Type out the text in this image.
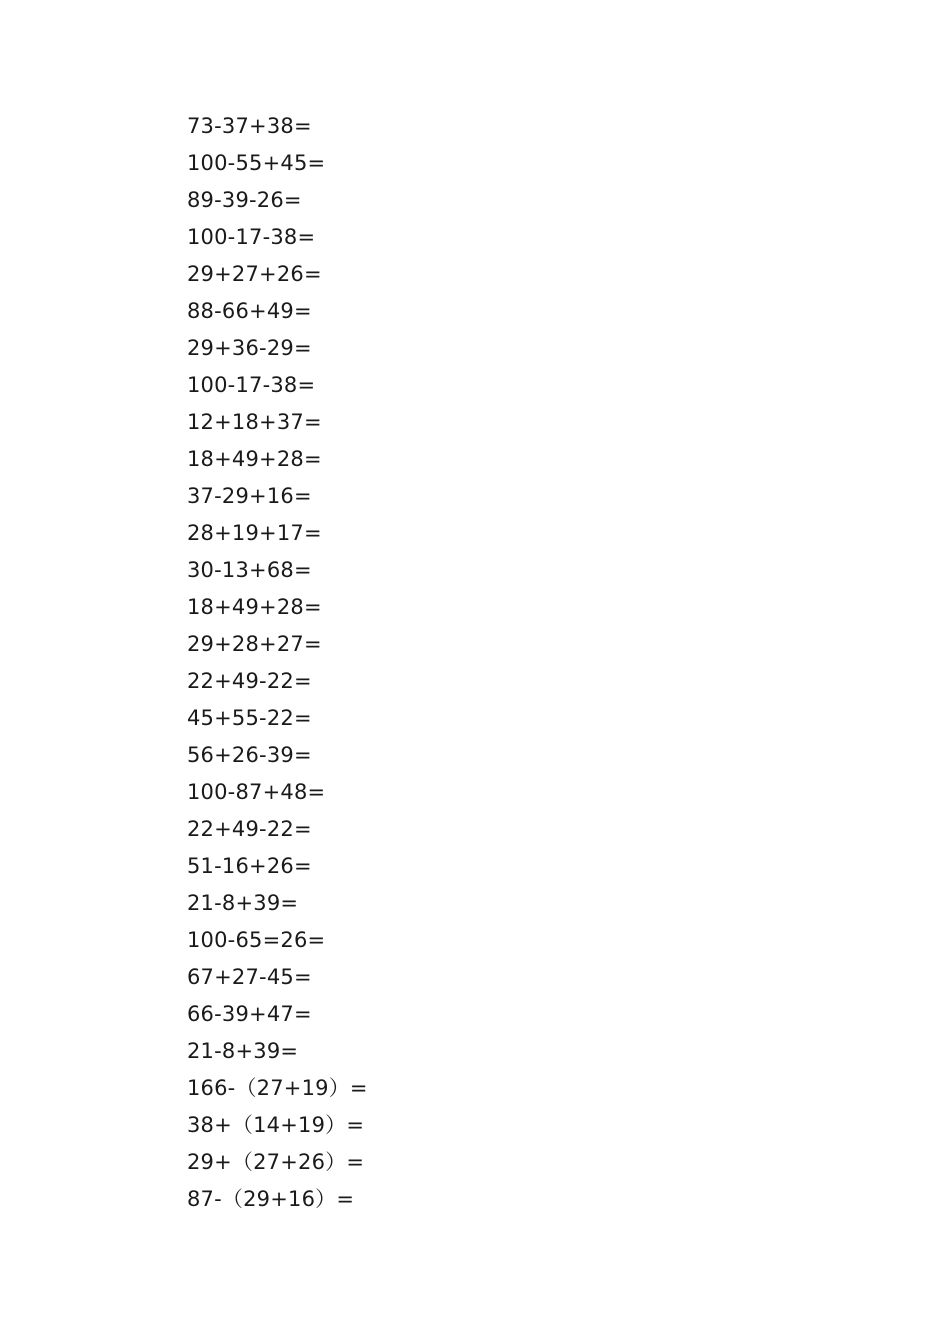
73-37+38=
100-55+45=
89-39-26=
100-17-38=
29+27+26=
88-66+49=
29+36-29=
100-17-38=
12+18+37=
18+49+28=
37-29+16=
28+19+17=
30-13+68=
18+49+28=
29+28+27=
22+49-22=
45+55-22=
56+26-39=
100-87+48=
22+49-22=
51-16+26=
21-8+39=
100-65=26=
67+27-45=
66-39+47=
21-8+39=
166-（27+19）=
38+（14+19）=
29+（27+26）=
87-（29+16）=
